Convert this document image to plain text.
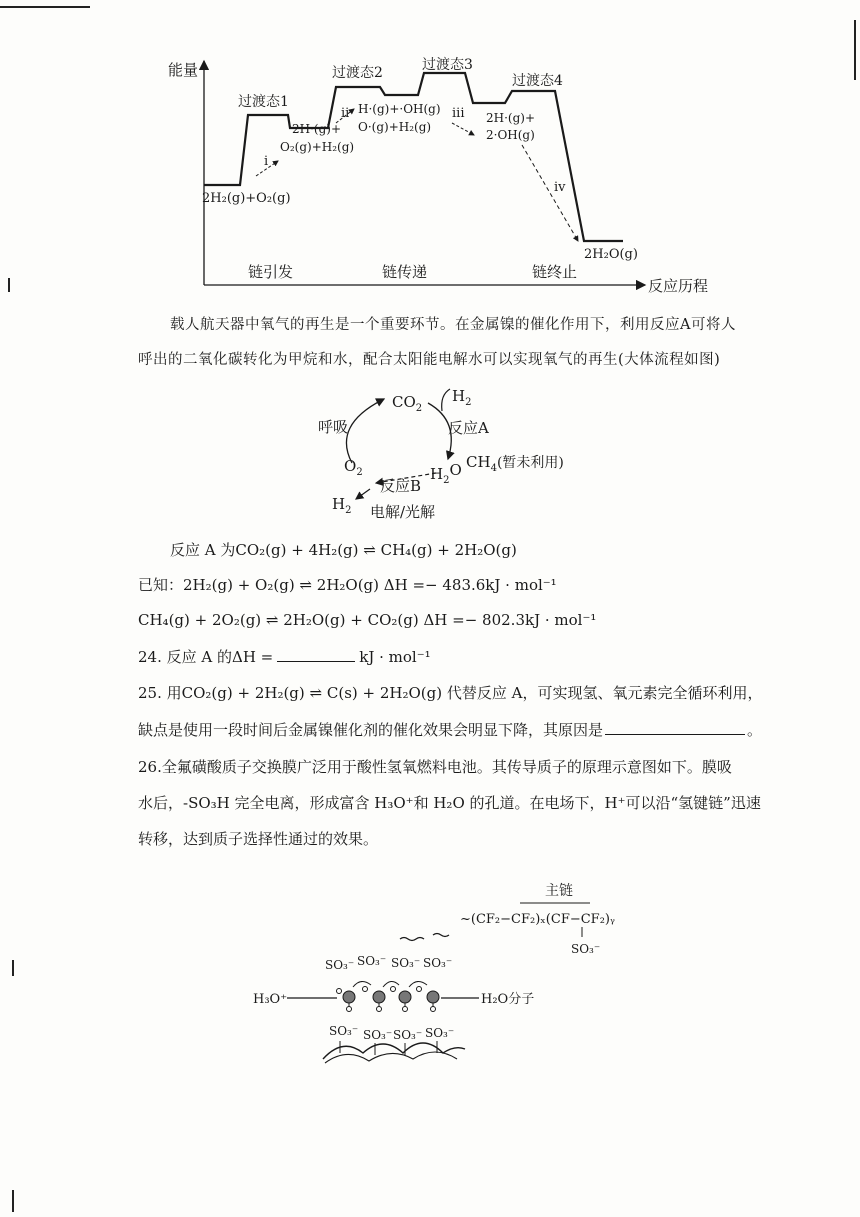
能量
反应历程
2H₂(g)+O₂(g)
过渡态1
过渡态2	过渡态3
过渡态4
2H·(g)+
O₂(g)+H₂(g)
H·(g)+·OH(g)
O·(g)+H₂(g)
2H·(g)+
2·OH(g)
2H₂O(g)
i
ii	iii
iv
链引发	链传递	链终止
载人航天器中氧气的再生是一个重要环节。在金属镍的催化作用下，利用反应A可将人
呼出的二氧化碳转化为甲烷和水，配合太阳能电解水可以实现氧气的再生(大体流程如图)
$CO_2$
$H_2$
呼吸	反应A
$H_2O$ $CH_4$(暂未利用)
$O_2$
反应B
$H_2$ 电解/光解
反应 A 为CO₂(g) + 4H₂(g) ⇌ CH₄(g) + 2H₂O(g)
已知：2H₂(g) + O₂(g) ⇌ 2H₂O(g) ΔH =− 483.6kJ · mol⁻¹
CH₄(g) + 2O₂(g) ⇌ 2H₂O(g) + CO₂(g) ΔH =− 802.3kJ · mol⁻¹
24. 反应 A 的ΔH =	kJ · mol⁻¹
25. 用CO₂(g) + 2H₂(g) ⇌ C(s) + 2H₂O(g) 代替反应 A，可实现氢、氧元素完全循环利用，
缺点是使用一段时间后金属镍催化剂的催化效果会明显下降，其原因是	。
26.全氟磺酸质子交换膜广泛用于酸性氢氧燃料电池。其传导质子的原理示意图如下。膜吸
水后，-SO₃H 完全电离，形成富含 H₃O⁺和 H₂O 的孔道。在电场下，H⁺可以沿“氢键链”迅速
转移，达到质子选择性通过的效果。
主链
~(CF₂−CF₂)ₓ(CF−CF₂)ᵧ
SO₃⁻
SO₃⁻ SO₃⁻ SO₃⁻ SO₃⁻
H₃O⁺	H₂O分子
SO₃⁻ SO₃⁻ SO₃⁻ SO₃⁻
